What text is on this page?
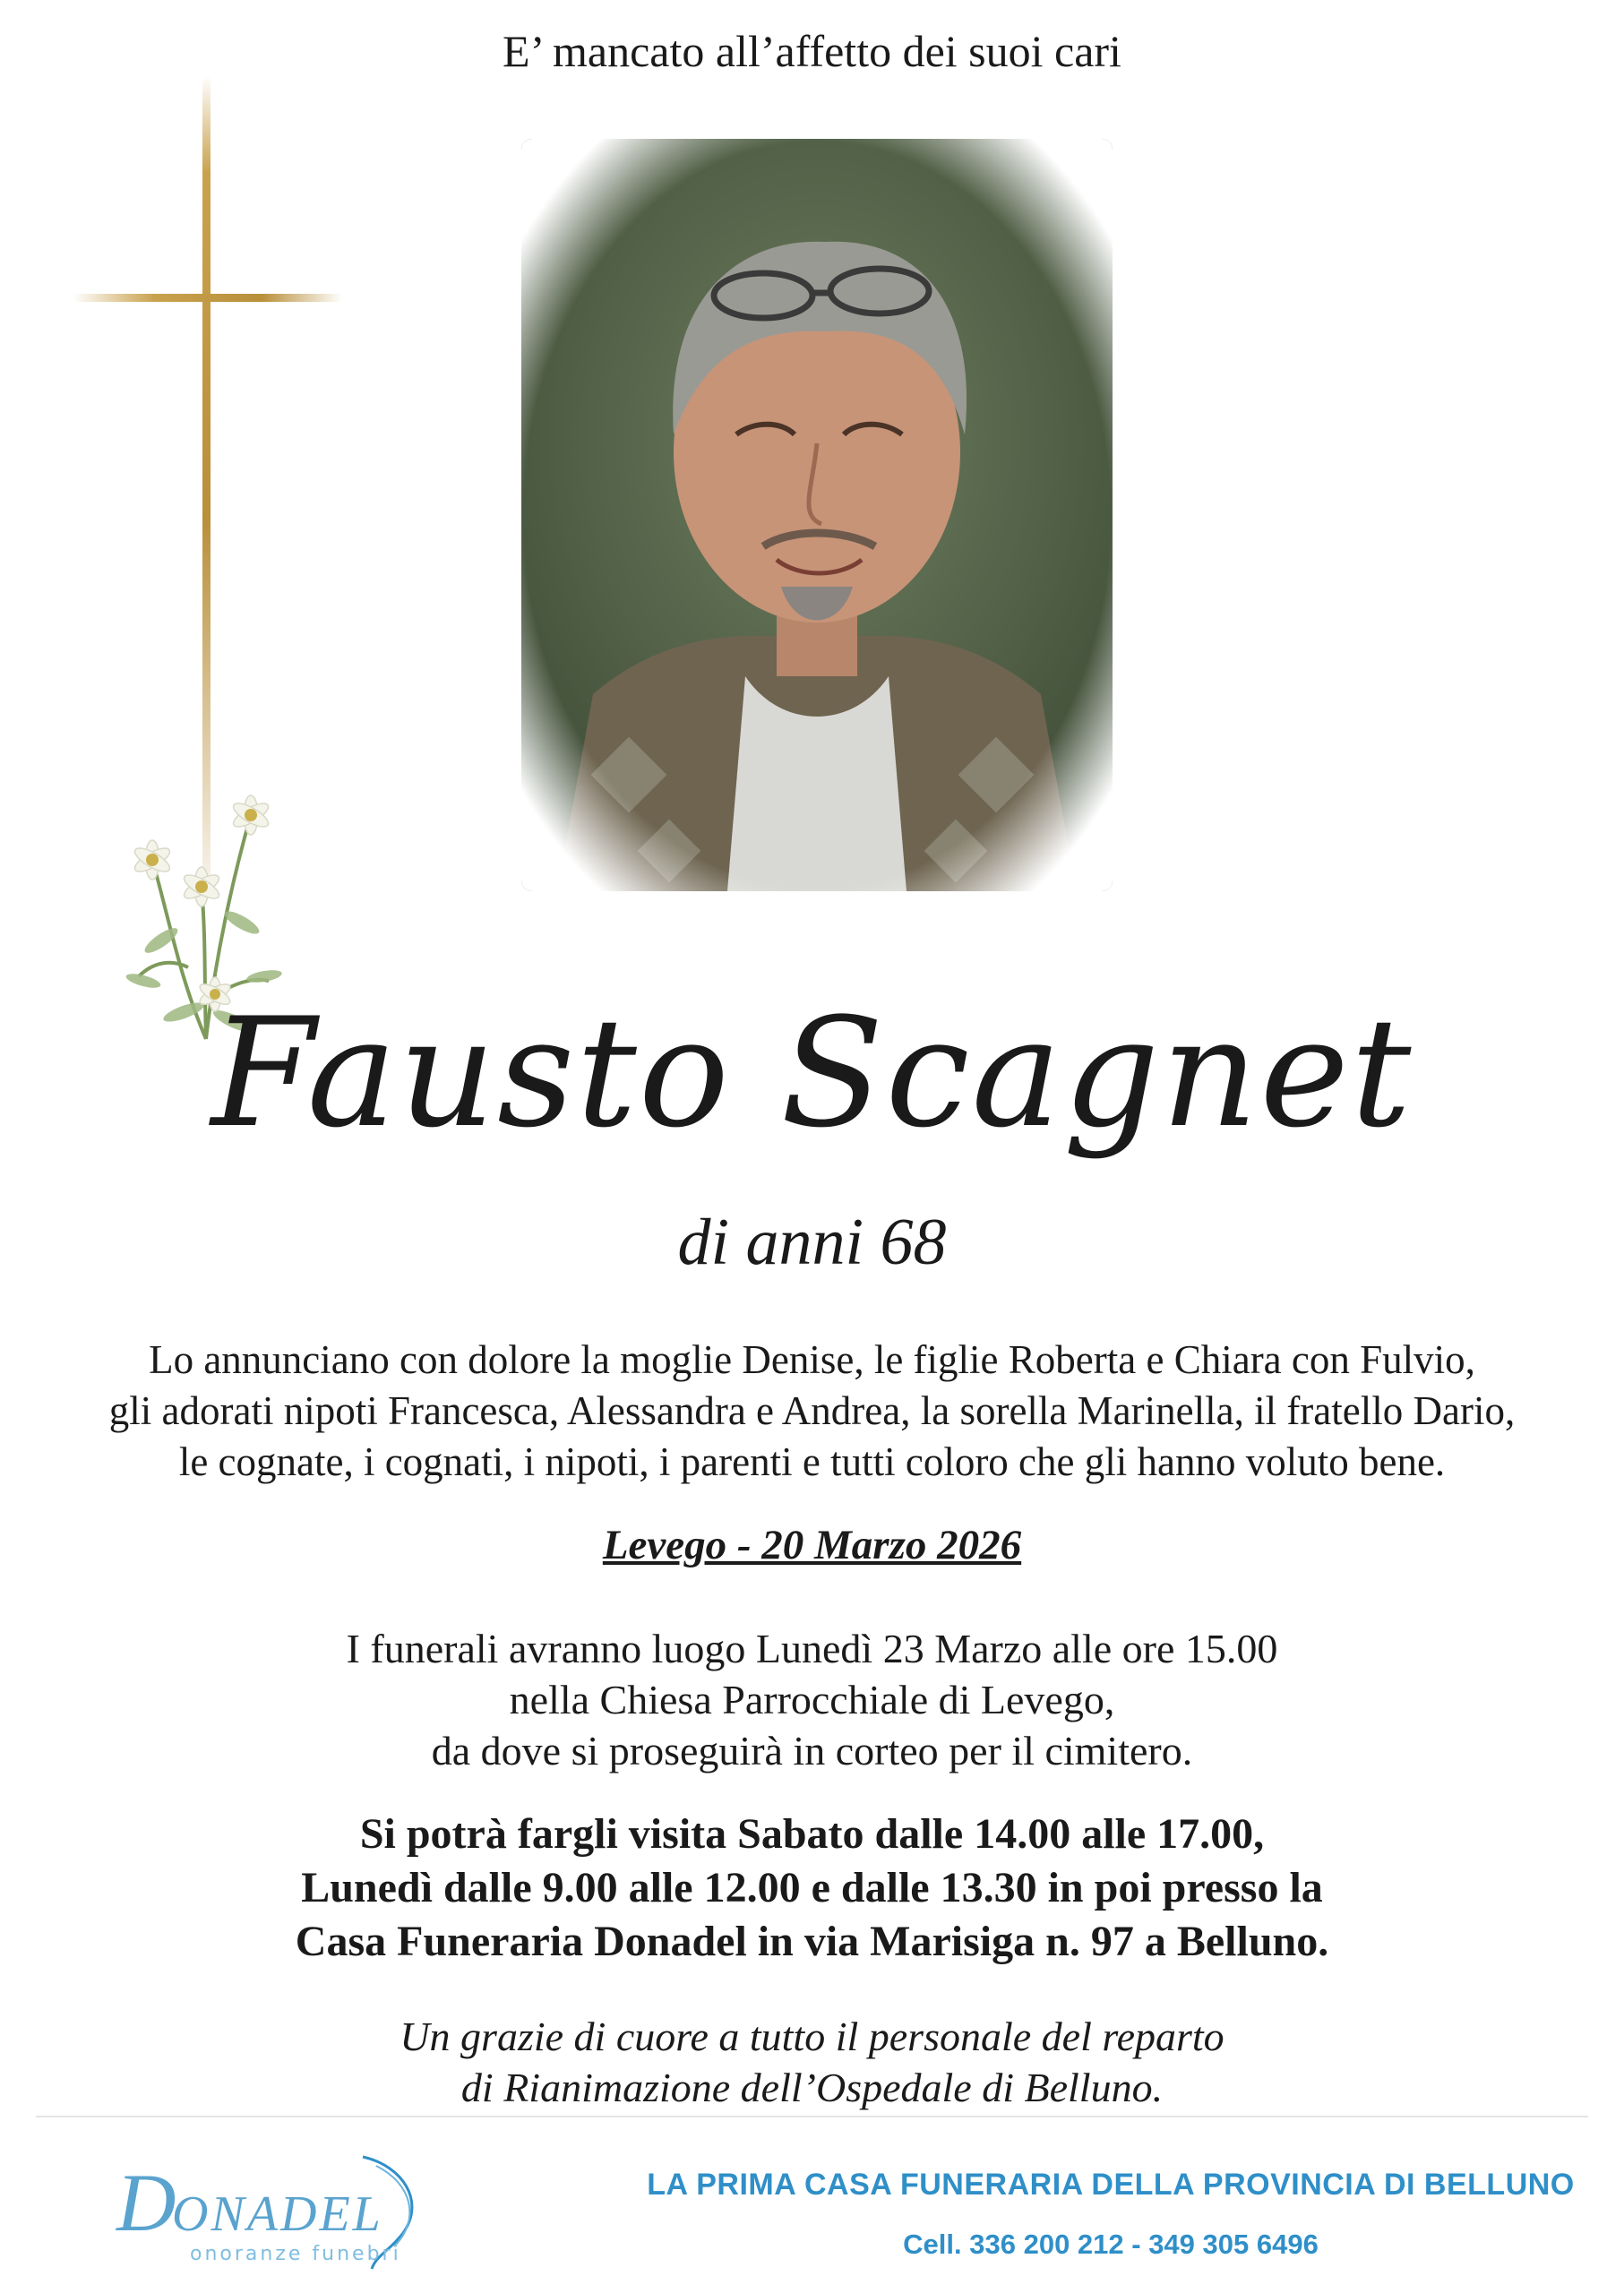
E’ mancato all’affetto dei suoi cari
Fausto Scagnet
di anni 68
Lo annunciano con dolore la moglie Denise, le figlie Roberta e Chiara con Fulvio,
gli adorati nipoti Francesca, Alessandra e Andrea, la sorella Marinella, il fratello Dario,
le cognate, i cognati, i nipoti, i parenti e tutti coloro che gli hanno voluto bene.
Levego - 20 Marzo 2026
I funerali avranno luogo Lunedì 23 Marzo alle ore 15.00
nella Chiesa Parrocchiale di Levego,
da dove si proseguirà in corteo per il cimitero.
Si potrà fargli visita Sabato dalle 14.00 alle 17.00,
Lunedì dalle 9.00 alle 12.00 e dalle 13.30 in poi presso la
Casa Funeraria Donadel in via Marisiga n. 97 a Belluno.
Un grazie di cuore a tutto il personale del reparto
di Rianimazione dell’Ospedale di Belluno.
D
ONADEL
onoranze funebri
LA PRIMA CASA FUNERARIA DELLA PROVINCIA DI BELLUNO
Cell. 336 200 212 - 349 305 6496
